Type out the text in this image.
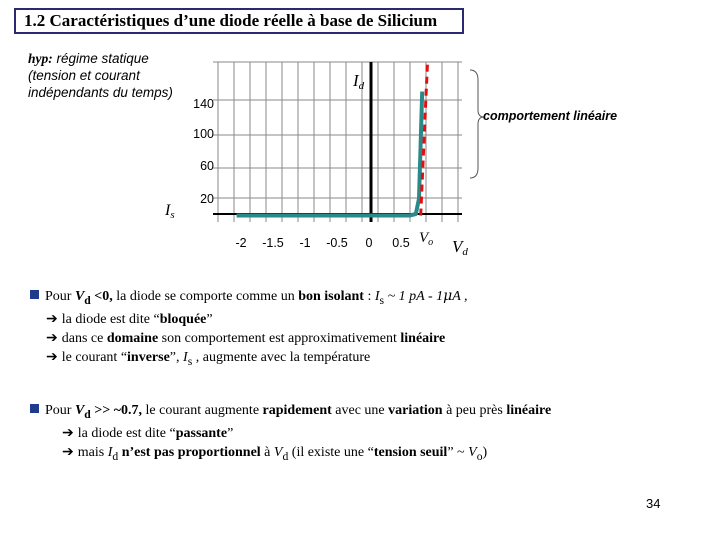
1.2 Caractéristiques d’une diode réelle à base de Silicium
hyp: régime statique (tension et courant indépendants du temps)
140
100
60
20
-2 -1.5 -1 -0.5 0 0.5
Id
Vd
Is
$V_o$
comportement linéaire
Pour $V_d <0$, la diode se comporte comme un bon isolant : $I_s$ ~ 1 pA - 1μA ,
➔ la diode est dite “bloquée”
➔ dans ce domaine son comportement est approximativement linéaire
➔ le courant “inverse”, $I_s$ , augmente avec la température
Pour $V_d$ >> ~0.7, le courant augmente rapidement avec une variation à peu près linéaire
➔ la diode est dite “passante”
➔ mais $I_d$ n’est pas proportionnel à $V_d$ (il existe une “tension seuil” ~ $V_o$)
34
